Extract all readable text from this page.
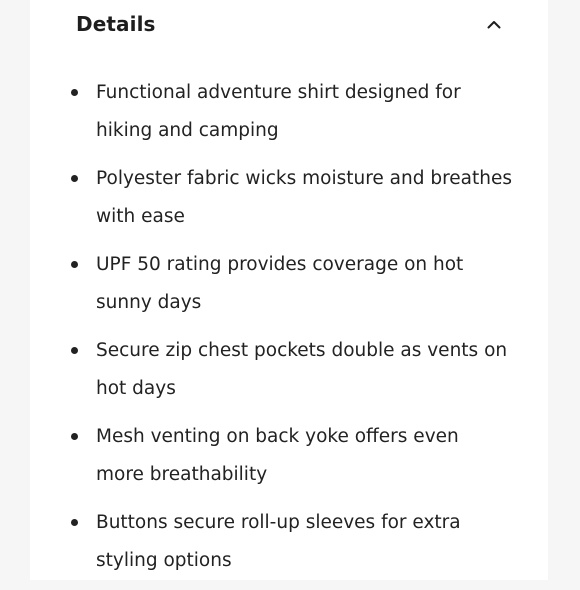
Details
Functional adventure shirt designed for hiking and camping
Polyester fabric wicks moisture and breathes with ease
UPF 50 rating provides coverage on hot sunny days
Secure zip chest pockets double as vents on hot days
Mesh venting on back yoke offers even more breathability
Buttons secure roll-up sleeves for extra styling options
